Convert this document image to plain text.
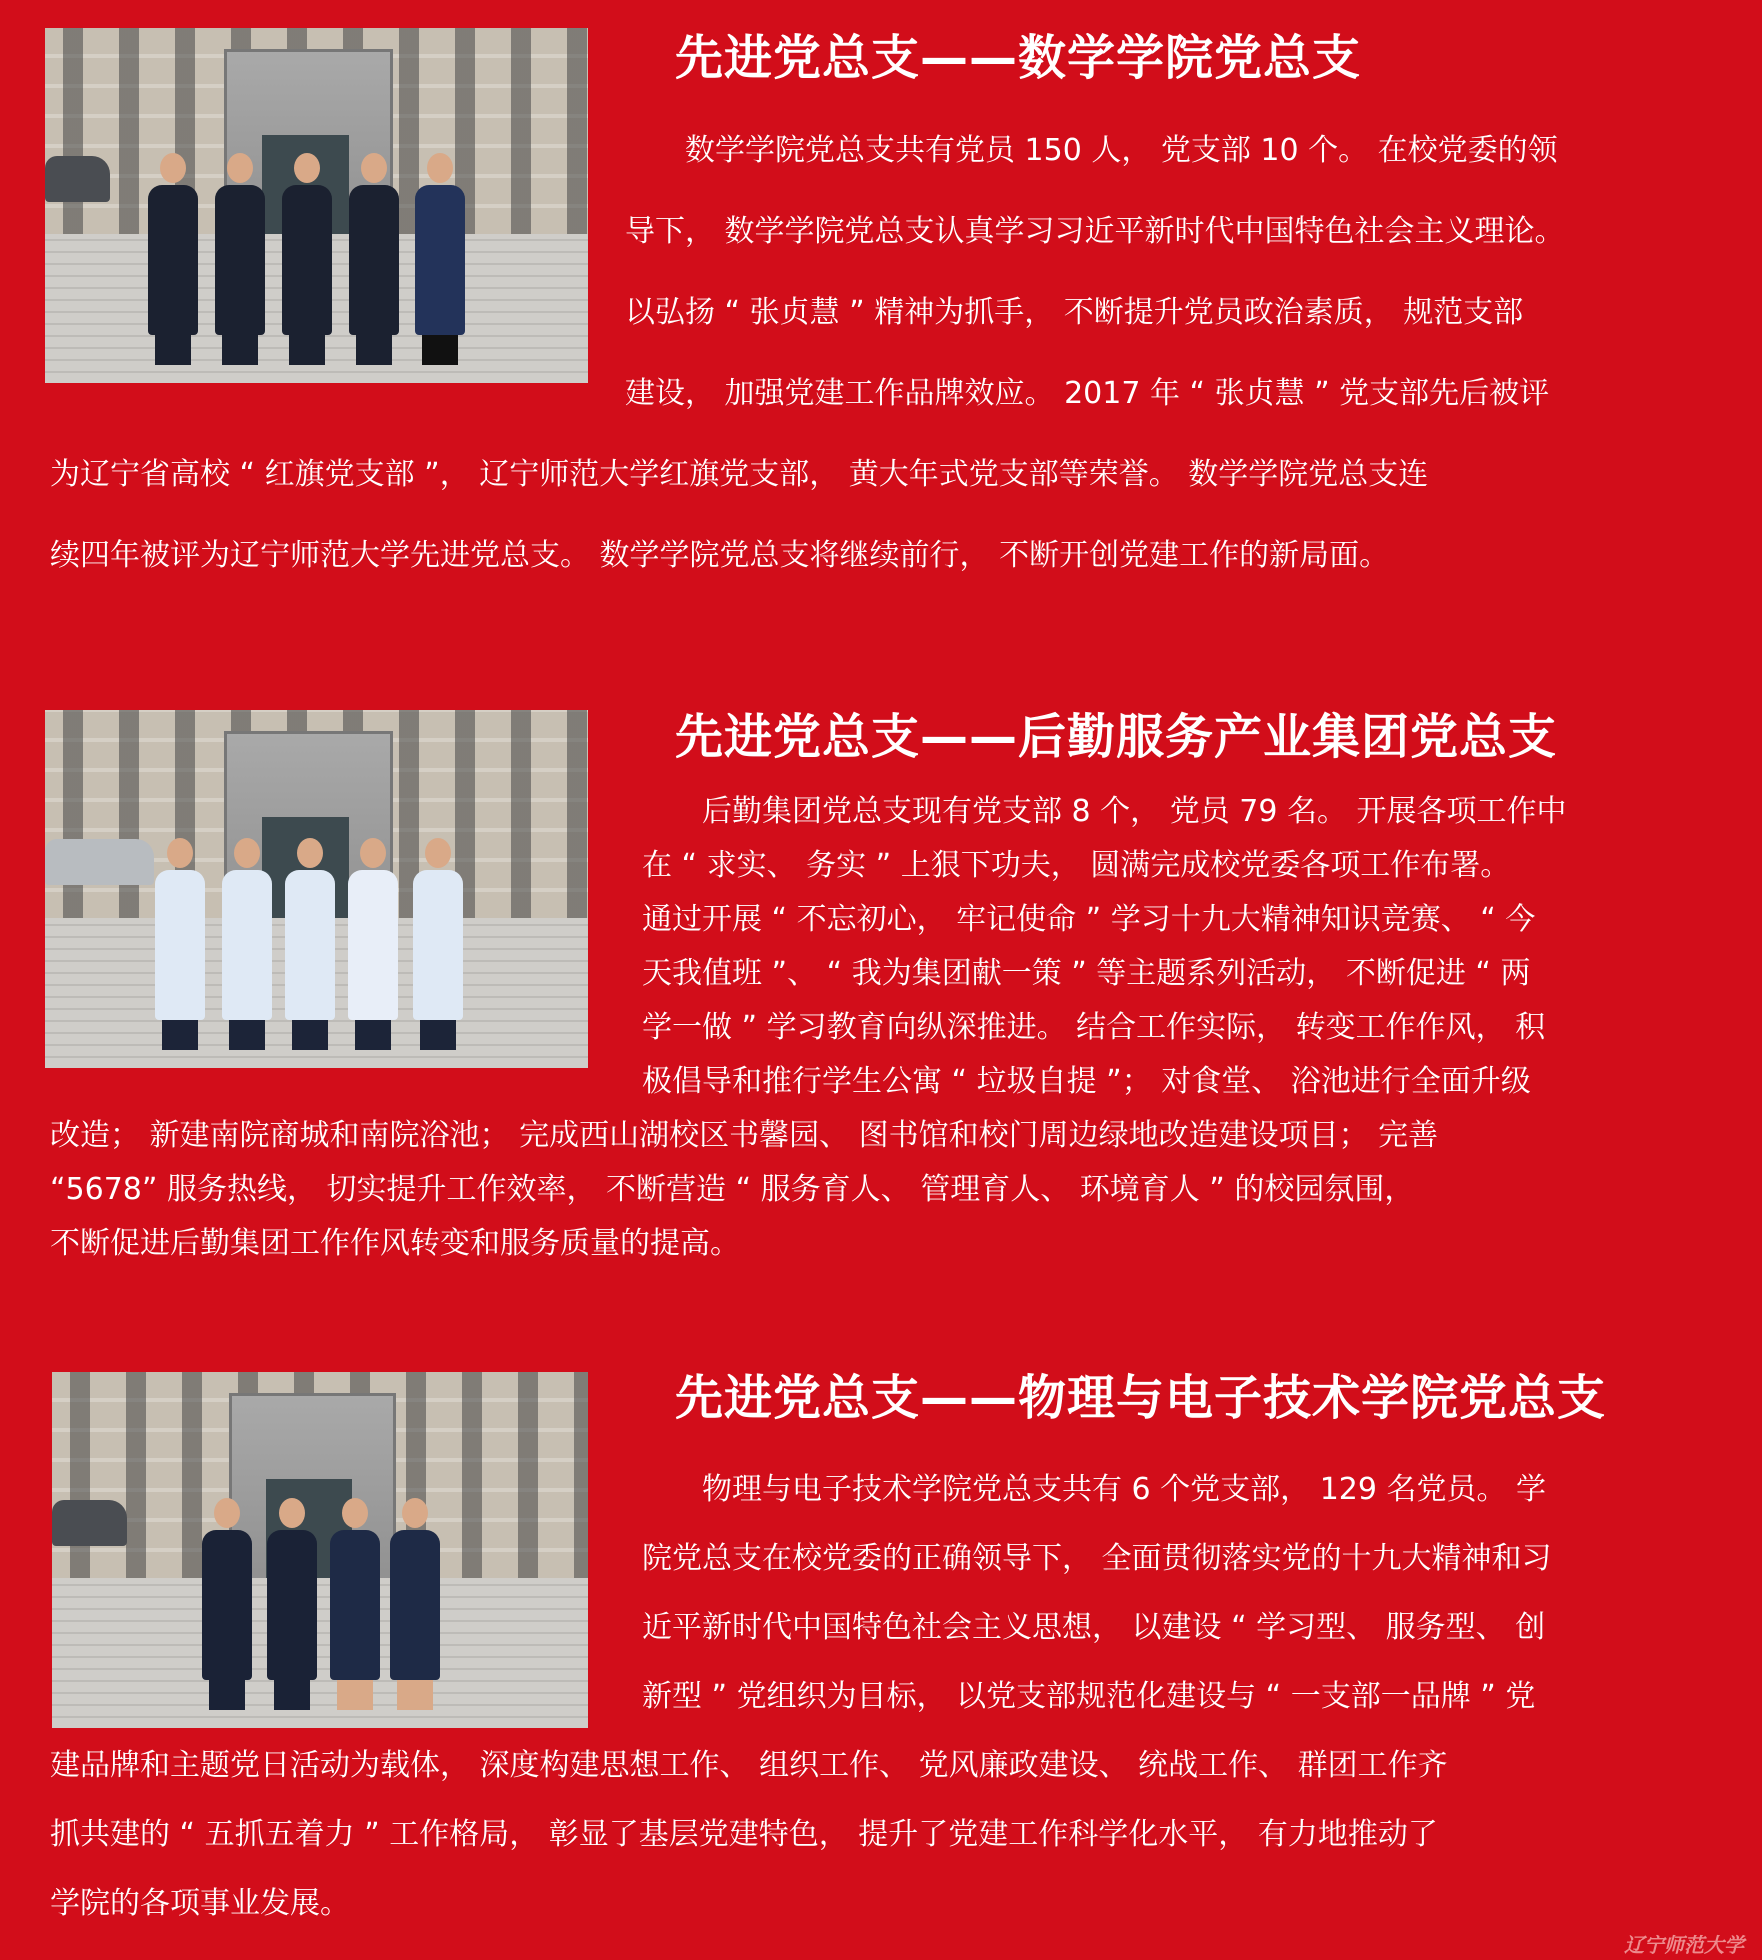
先进党总支——数学学院党总支

　　数学学院党总支共有党员 150 人， 党支部 10 个。 在校党委的领
导下， 数学学院党总支认真学习习近平新时代中国特色社会主义理论。
以弘扬 “ 张贞慧 ” 精神为抓手， 不断提升党员政治素质， 规范支部
建设， 加强党建工作品牌效应。 2017 年 “ 张贞慧 ” 党支部先后被评
为辽宁省高校 “ 红旗党支部 ”， 辽宁师范大学红旗党支部， 黄大年式党支部等荣誉。 数学学院党总支连
续四年被评为辽宁师范大学先进党总支。 数学学院党总支将继续前行， 不断开创党建工作的新局面。

先进党总支——后勤服务产业集团党总支

　　后勤集团党总支现有党支部 8 个， 党员 79 名。 开展各项工作中
在 “ 求实、 务实 ” 上狠下功夫， 圆满完成校党委各项工作布署。
通过开展 “ 不忘初心， 牢记使命 ” 学习十九大精神知识竞赛、 “ 今
天我值班 ”、 “ 我为集团献一策 ” 等主题系列活动， 不断促进 “ 两
学一做 ” 学习教育向纵深推进。 结合工作实际， 转变工作作风， 积
极倡导和推行学生公寓 “ 垃圾自提 ”； 对食堂、 浴池进行全面升级
改造； 新建南院商城和南院浴池； 完成西山湖校区书馨园、 图书馆和校门周边绿地改造建设项目； 完善
“5678” 服务热线， 切实提升工作效率， 不断营造 “ 服务育人、 管理育人、 环境育人 ” 的校园氛围，
不断促进后勤集团工作作风转变和服务质量的提高。

先进党总支——物理与电子技术学院党总支

　　物理与电子技术学院党总支共有 6 个党支部， 129 名党员。 学
院党总支在校党委的正确领导下， 全面贯彻落实党的十九大精神和习
近平新时代中国特色社会主义思想， 以建设 “ 学习型、 服务型、 创
新型 ” 党组织为目标， 以党支部规范化建设与 “ 一支部一品牌 ” 党
建品牌和主题党日活动为载体， 深度构建思想工作、 组织工作、 党风廉政建设、 统战工作、 群团工作齐
抓共建的 “ 五抓五着力 ” 工作格局， 彰显了基层党建特色， 提升了党建工作科学化水平， 有力地推动了
学院的各项事业发展。

辽宁师范大学
